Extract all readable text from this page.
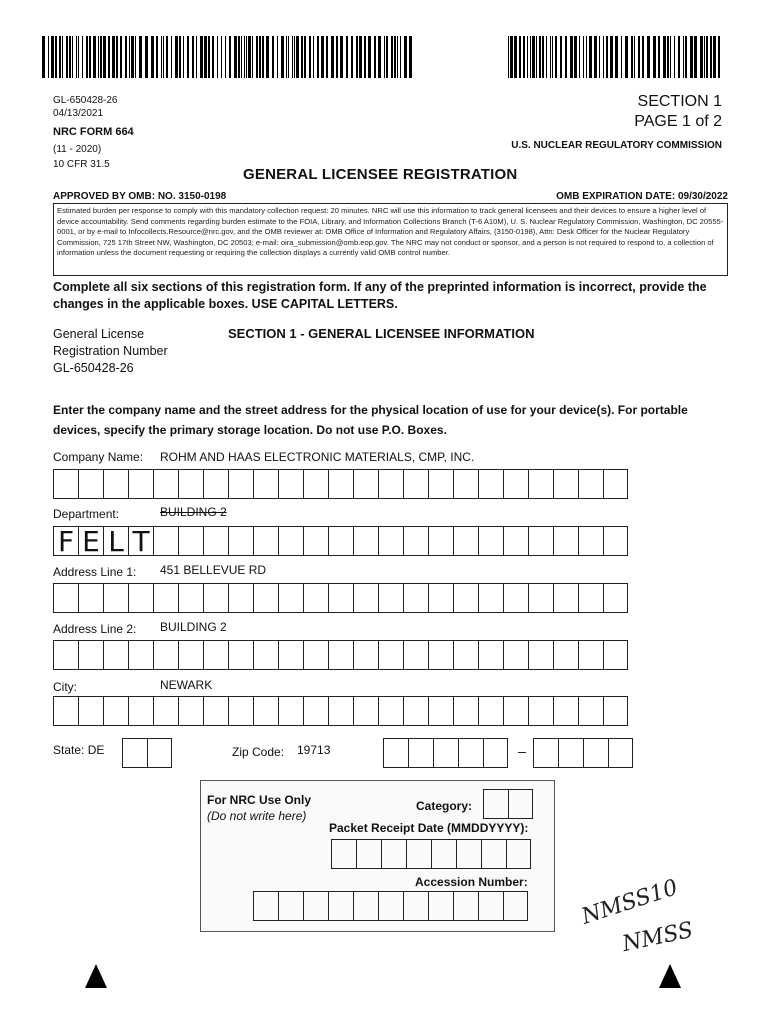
GL-650428-26
04/13/2021
NRC FORM 664
(11 - 2020)
10 CFR 31.5
SECTION 1
PAGE 1 of 2
U.S. NUCLEAR REGULATORY COMMISSION
GENERAL LICENSEE REGISTRATION
APPROVED BY OMB: NO. 3150-0198	OMB EXPIRATION DATE: 09/30/2022
Estimated burden per response to comply with this mandatory collection request: 20 minutes. NRC will use this information to track general licensees and their devices to ensure a higher level of device accountability. Send comments regarding burden estimate to the FOIA, Library, and Information Collections Branch (T-6 A10M), U. S. Nuclear Regulatory Commission, Washington, DC 20555-0001, or by e-mail to Infocollects.Resource@nrc.gov, and the OMB reviewer at: OMB Office of Information and Regulatory Affairs, (3150-0198), Attn: Desk Officer for the Nuclear Regulatory Commission, 725 17th Street NW, Washington, DC 20503; e-mail: oira_submission@omb.eop.gov. The NRC may not conduct or sponsor, and a person is not required to respond to, a collection of information unless the document requesting or requiring the collection displays a currently valid OMB control number.
Complete all six sections of this registration form. If any of the preprinted information is incorrect, provide the changes in the applicable boxes. USE CAPITAL LETTERS.
General License
Registration Number
GL-650428-26
SECTION 1 - GENERAL LICENSEE INFORMATION
Enter the company name and the street address for the physical location of use for your device(s). For portable devices, specify the primary storage location. Do not use P.O. Boxes.
Company Name: ROHM AND HAAS ELECTRONIC MATERIALS, CMP, INC.
Department:	BUILDING 2
F E L T
Address Line 1: 451 BELLEVUE RD
Address Line 2: BUILDING 2
City:	NEWARK
State: DE	Zip Code: 19713
For NRC Use Only
(Do not write here)
Category:
Packet Receipt Date (MMDDYYYY):
Accession Number: NMSS10
NMSS
